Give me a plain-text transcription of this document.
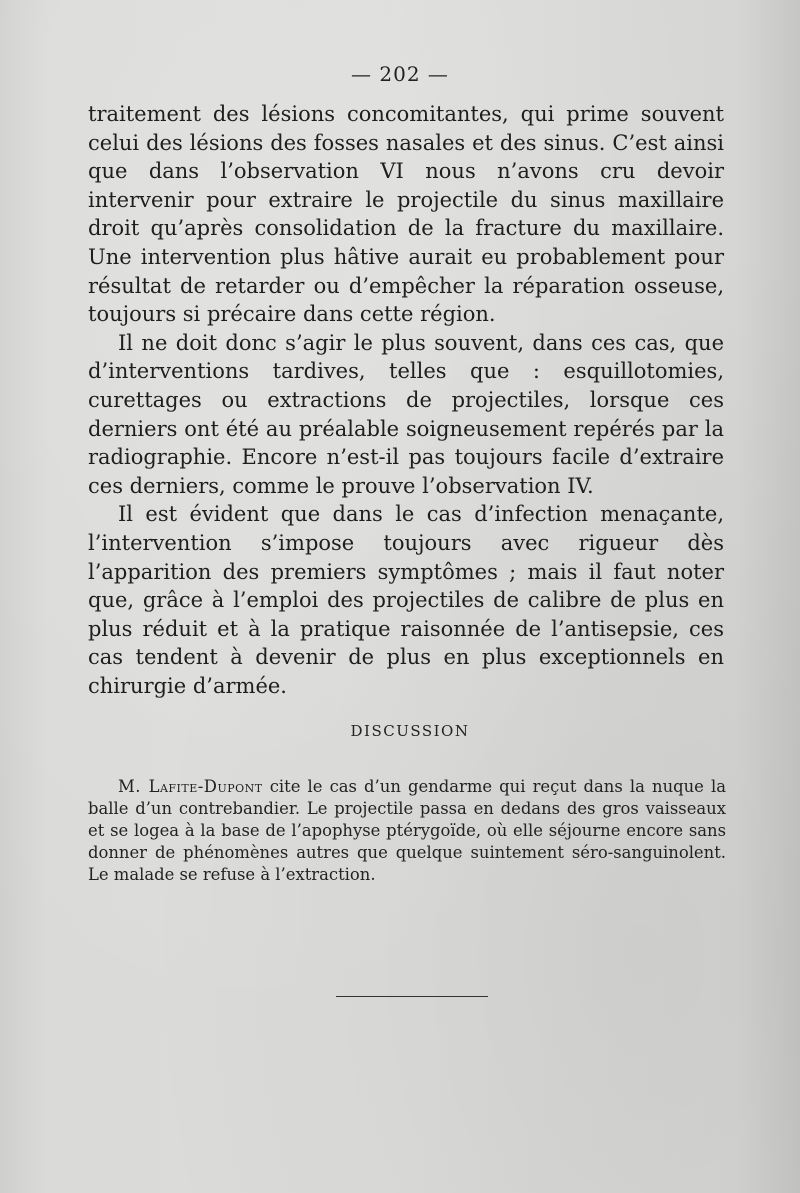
— 202 —

traitement des lésions concomitantes, qui prime souvent celui des lésions des fosses nasales et des sinus. C’est ainsi que dans l’observation VI nous n’avons cru devoir intervenir pour extraire le projectile du sinus maxillaire droit qu’après consolidation de la fracture du maxillaire. Une intervention plus hâtive aurait eu probablement pour résultat de retarder ou d’empêcher la réparation osseuse, toujours si précaire dans cette région.

Il ne doit donc s’agir le plus souvent, dans ces cas, que d’interventions tardives, telles que : esquillotomies, curettages ou extractions de projectiles, lorsque ces derniers ont été au préalable soigneusement repérés par la radiographie. Encore n’est-il pas toujours facile d’extraire ces derniers, comme le prouve l’observation IV.

Il est évident que dans le cas d’infection menaçante, l’intervention s’impose toujours avec rigueur dès l’apparition des premiers symptômes ; mais il faut noter que, grâce à l’emploi des projectiles de calibre de plus en plus réduit et à la pratique raisonnée de l’antisepsie, ces cas tendent à devenir de plus en plus exceptionnels en chirurgie d’armée.

DISCUSSION
M. Lafite-Dupont cite le cas d’un gendarme qui reçut dans la nuque la balle d’un contrebandier. Le projectile passa en dedans des gros vaisseaux et se logea à la base de l’apophyse ptérygoïde, où elle séjourne encore sans donner de phénomènes autres que quelque suintement séro-sanguinolent. Le malade se refuse à l’extraction.
